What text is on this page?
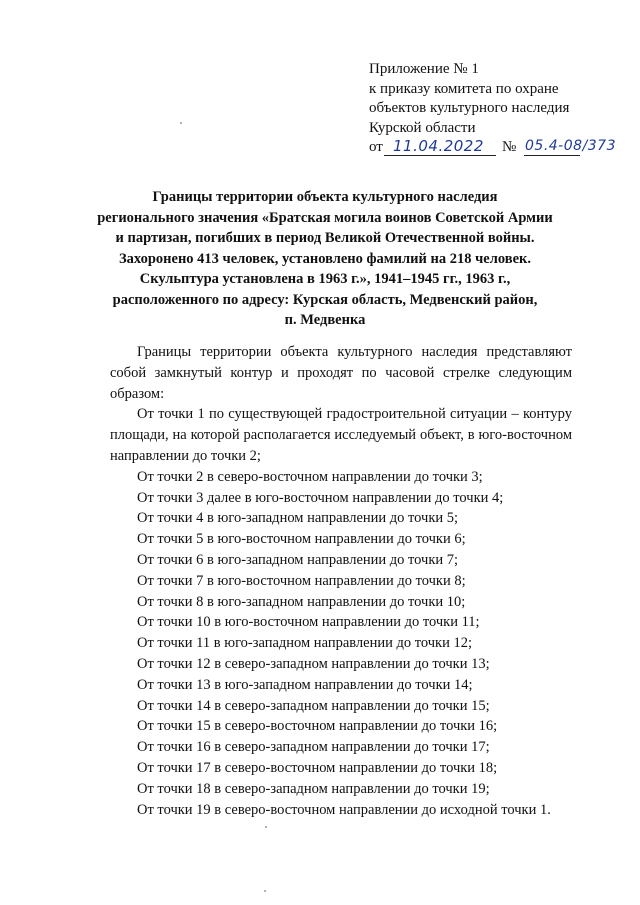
Приложение № 1
к приказу комитета по охране
объектов культурного наследия
Курской области
от 11.04.2022 № 05.4-08/373
Границы территории объекта культурного наследия
регионального значения «Братская могила воинов Советской Армии
и партизан, погибших в период Великой Отечественной войны.
Захоронено 413 человек, установлено фамилий на 218 человек.
Скульптура установлена в 1963 г.», 1941–1945 гг., 1963 г.,
расположенного по адресу: Курская область, Медвенский район,
п. Медвенка

Границы территории объекта культурного наследия представляют собой замкнутый контур и проходят по часовой стрелке следующим образом:

От точки 1 по существующей градостроительной ситуации – контуру площади, на которой располагается исследуемый объект, в юго-восточном направлении до точки 2;

От точки 2 в северо-восточном направлении до точки 3;
От точки 3 далее в юго-восточном направлении до точки 4;
От точки 4 в юго-западном направлении до точки 5;
От точки 5 в юго-восточном направлении до точки 6;
От точки 6 в юго-западном направлении до точки 7;
От точки 7 в юго-восточном направлении до точки 8;
От точки 8 в юго-западном направлении до точки 10;
От точки 10 в юго-восточном направлении до точки 11;
От точки 11 в юго-западном направлении до точки 12;
От точки 12 в северо-западном направлении до точки 13;
От точки 13 в юго-западном направлении до точки 14;
От точки 14 в северо-западном направлении до точки 15;
От точки 15 в северо-восточном направлении до точки 16;
От точки 16 в северо-западном направлении до точки 17;
От точки 17 в северо-восточном направлении до точки 18;
От точки 18 в северо-западном направлении до точки 19;
От точки 19 в северо-восточном направлении до исходной точки 1.
